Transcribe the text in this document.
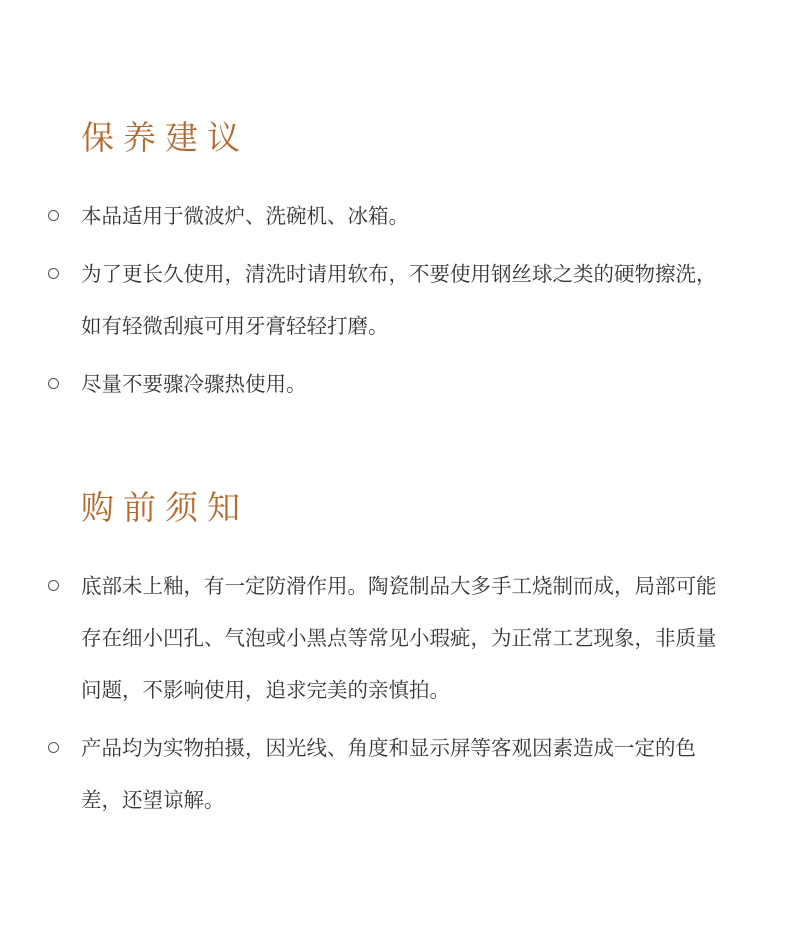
保养建议
本品适用于微波炉、洗碗机、冰箱。
为了更长久使用，清洗时请用软布，不要使用钢丝球之类的硬物擦洗，如有轻微刮痕可用牙膏轻轻打磨。
尽量不要骤冷骤热使用。
购前须知
底部未上釉，有一定防滑作用。陶瓷制品大多手工烧制而成，局部可能存在细小凹孔、气泡或小黑点等常见小瑕疵，为正常工艺现象，非质量问题，不影响使用，追求完美的亲慎拍。
产品均为实物拍摄，因光线、角度和显示屏等客观因素造成一定的色差，还望谅解。
